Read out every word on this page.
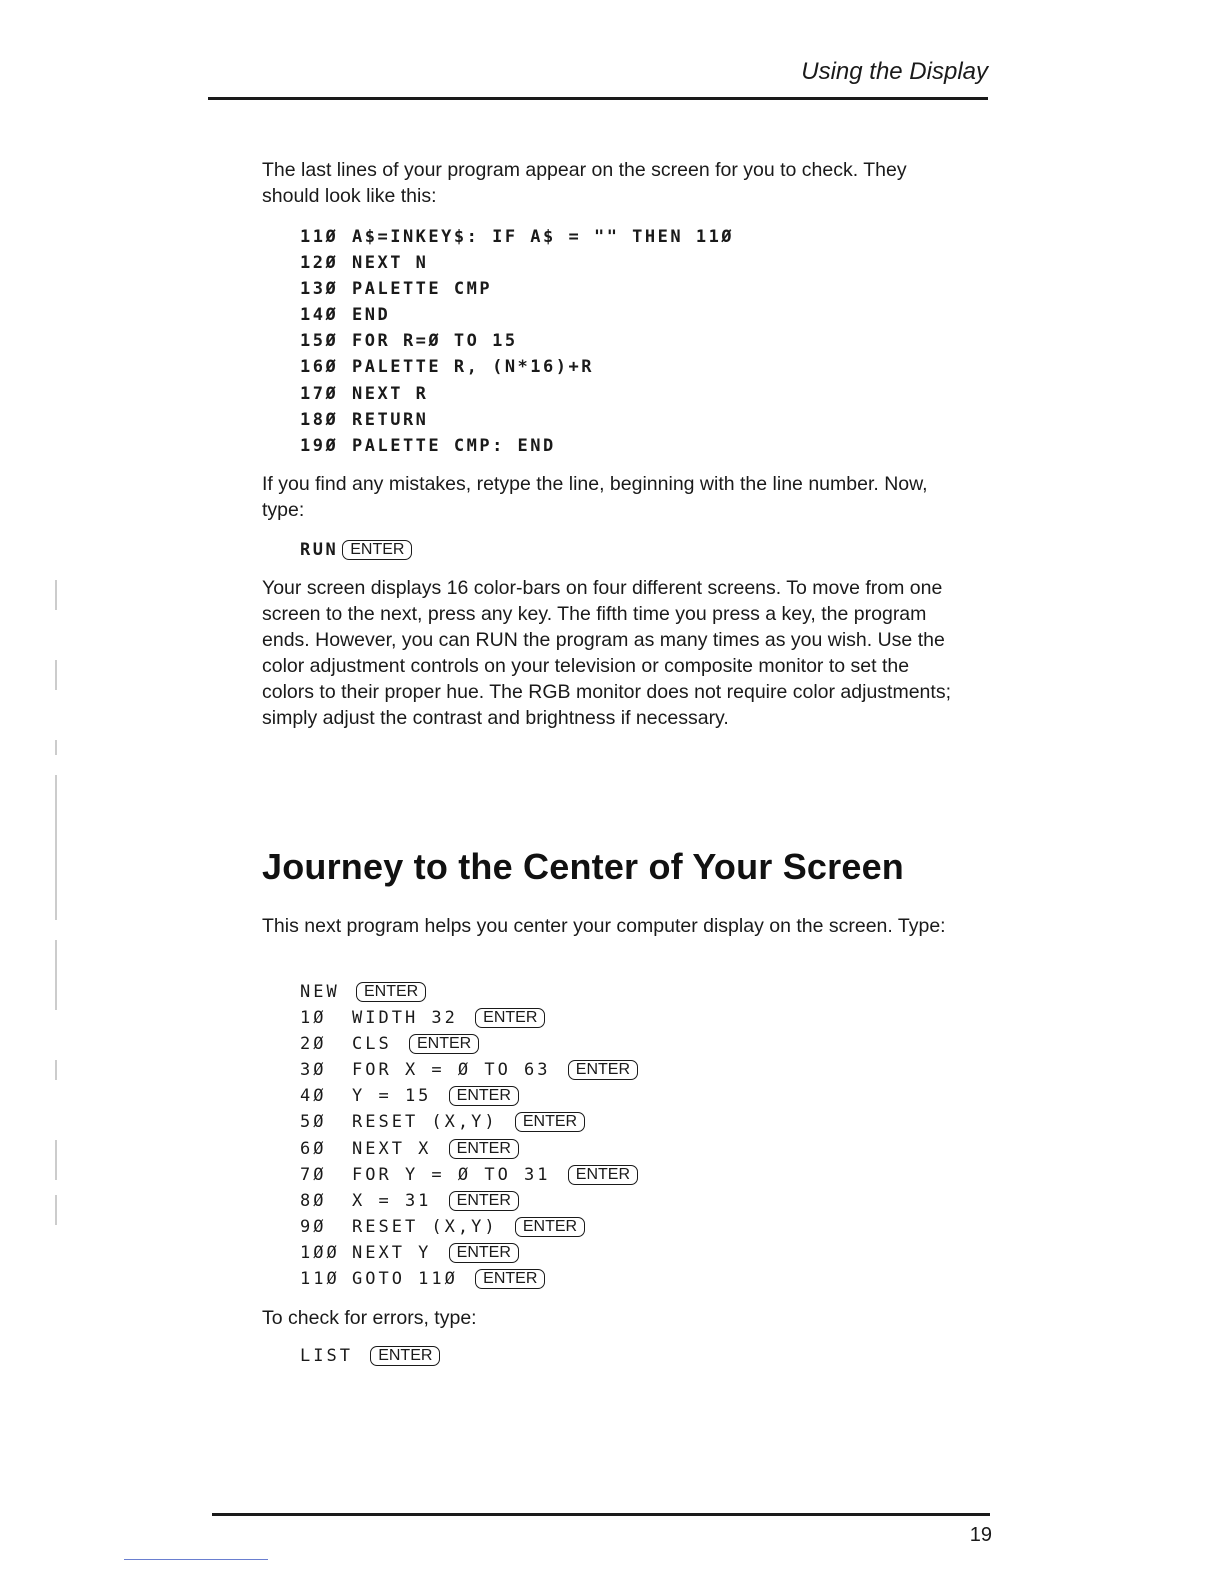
Using the Display

The last lines of your program appear on the screen for you to check. They should look like this:

11Ø A$=INKEY$: IF A$ = "" THEN 11Ø
12Ø NEXT N
13Ø PALETTE CMP
14Ø END
15Ø FOR R=Ø TO 15
16Ø PALETTE R, (N*16)+R
17Ø NEXT R
18Ø RETURN
19Ø PALETTE CMP: END

If you find any mistakes, retype the line, beginning with the line number. Now, type:

RUN ENTER

Your screen displays 16 color-bars on four different screens. To move from one screen to the next, press any key. The fifth time you press a key, the program ends. However, you can RUN the program as many times as you wish. Use the color adjustment controls on your television or composite monitor to set the colors to their proper hue. The RGB monitor does not require color adjustments; simply adjust the contrast and brightness if necessary.

Journey to the Center of Your Screen

This next program helps you center your computer display on the screen. Type:

NEW ENTER
1Ø WIDTH 32 ENTER
2Ø CLS ENTER
3Ø FOR X = Ø TO 63 ENTER
4Ø Y = 15 ENTER
5Ø RESET (X,Y) ENTER
6Ø NEXT X ENTER
7Ø FOR Y = Ø TO 31 ENTER
8Ø X = 31 ENTER
9Ø RESET (X,Y) ENTER
1ØØ NEXT Y ENTER
11Ø GOTO 11Ø ENTER

To check for errors, type:

LIST ENTER
19
